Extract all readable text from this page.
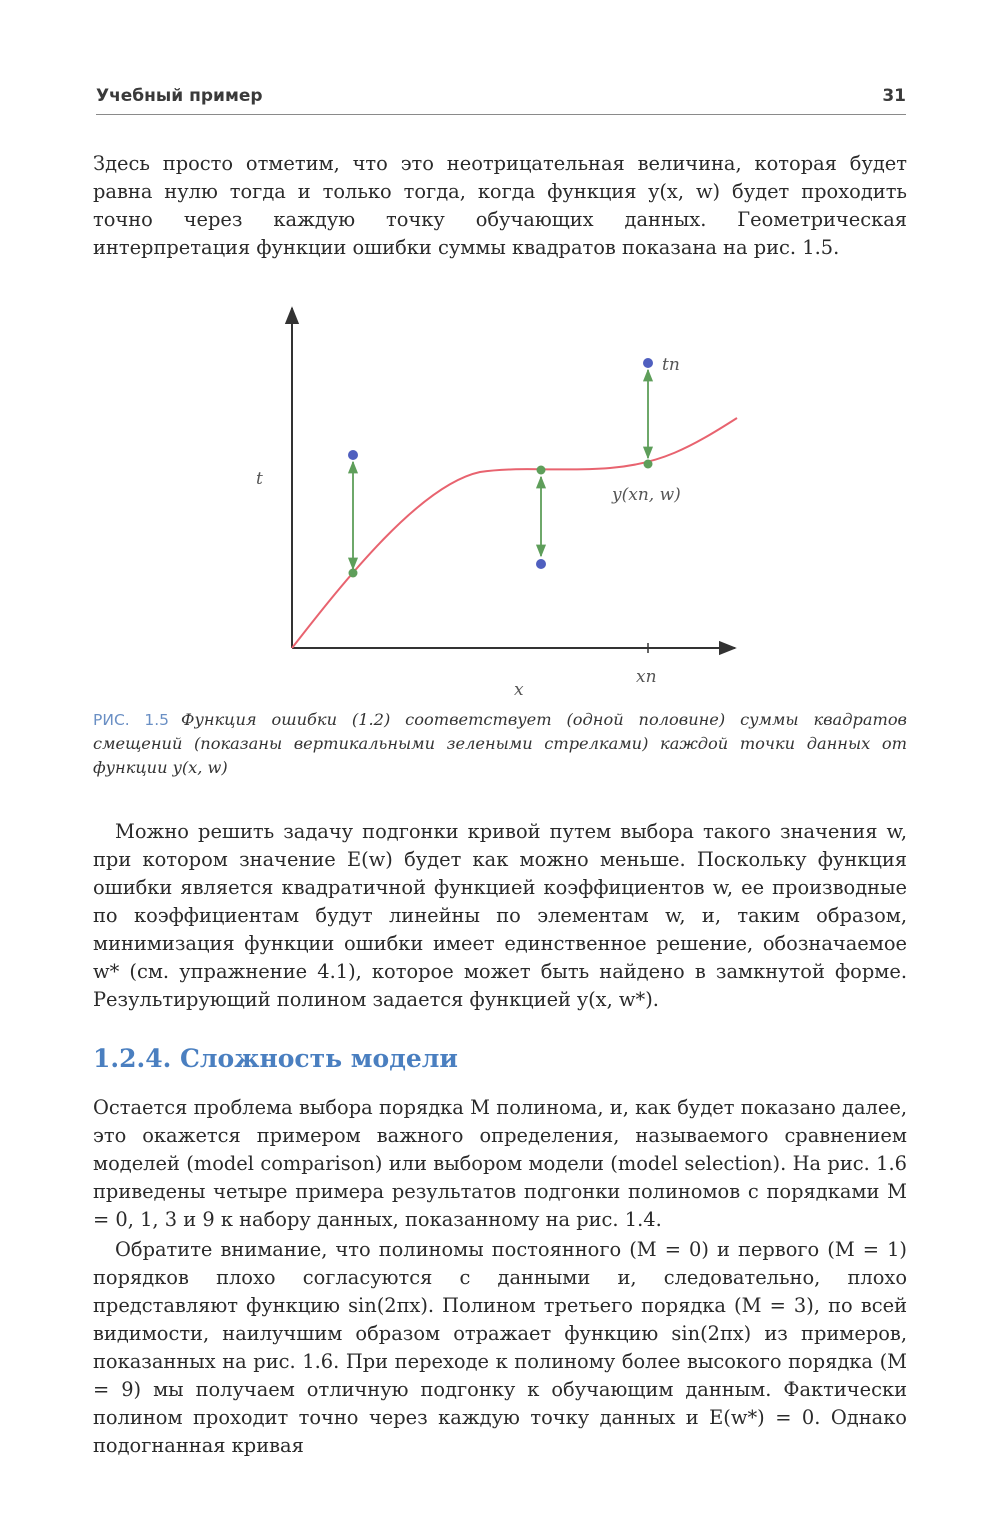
Учебный пример	31

Здесь просто отметим, что это неотрицательная величина, которая будет равна нулю тогда и только тогда, когда функция y(x, w) будет проходить точно через каждую точку обучающих данных. Геометрическая интерпретация функции ошибки суммы квадратов показана на рис. 1.5.

t
x
tn
xn
y(xn, w)
РИС. 1.5 Функция ошибки (1.2) соответствует (одной половине) суммы квадратов смещений (показаны вертикальными зелеными стрелками) каждой точки данных от функции y(x, w)

Можно решить задачу подгонки кривой путем выбора такого значения w, при котором значение E(w) будет как можно меньше. Поскольку функция ошибки является квадратичной функцией коэффициентов w, ее производные по коэффициентам будут линейны по элементам w, и, таким образом, минимизация функции ошибки имеет единственное решение, обозначаемое w* (см. упражнение 4.1), которое может быть найдено в замкнутой форме. Результирующий полином задается функцией y(x, w*).

1.2.4. Сложность модели

Остается проблема выбора порядка M полинома, и, как будет показано далее, это окажется примером важного определения, называемого сравнением моделей (model comparison) или выбором модели (model selection). На рис. 1.6 приведены четыре примера результатов подгонки полиномов с порядками M = 0, 1, 3 и 9 к набору данных, показанному на рис. 1.4.

Обратите внимание, что полиномы постоянного (M = 0) и первого (M = 1) порядков плохо согласуются с данными и, следовательно, плохо представляют функцию sin(2πx). Полином третьего порядка (M = 3), по всей видимости, наилучшим образом отражает функцию sin(2πx) из примеров, показанных на рис. 1.6. При переходе к полиному более высокого порядка (M = 9) мы получаем отличную подгонку к обучающим данным. Фактически полином проходит точно через каждую точку данных и E(w*) = 0. Однако подогнанная кривая
